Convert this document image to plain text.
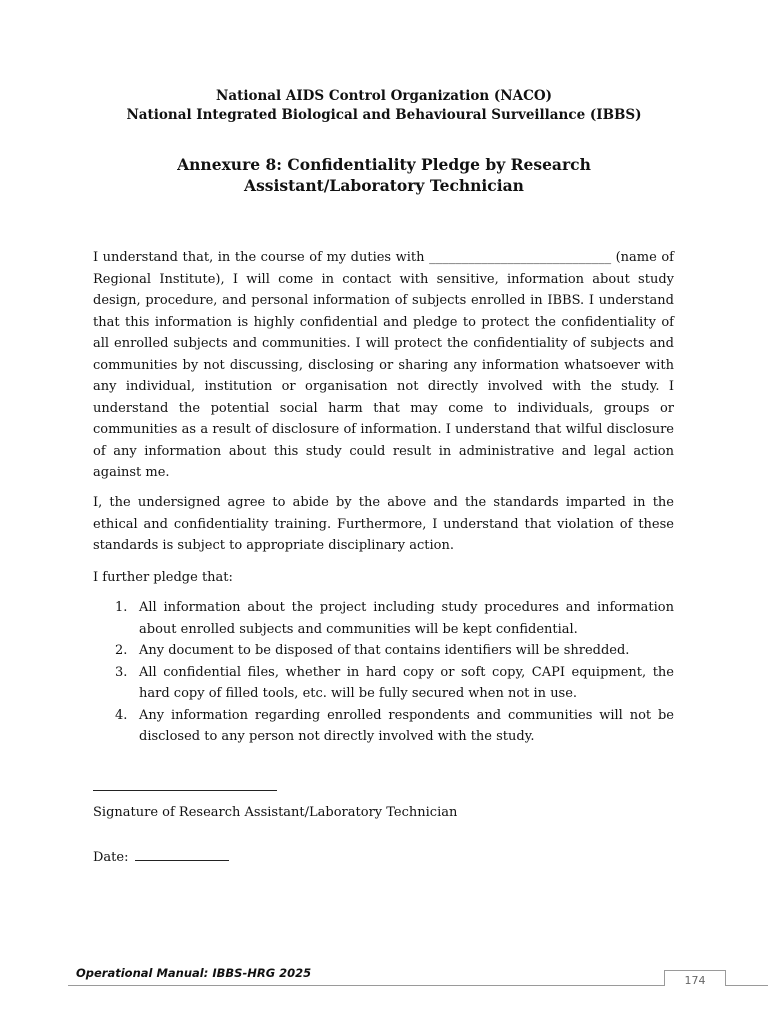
National AIDS Control Organization (NACO)
National Integrated Biological and Behavioural Surveillance (IBBS)
Annexure 8: Confidentiality Pledge by Research Assistant/Laboratory Technician
I understand that, in the course of my duties with ____________________________ (name of Regional Institute), I will come in contact with sensitive, information about study design, procedure, and personal information of subjects enrolled in IBBS. I understand that this information is highly confidential and pledge to protect the confidentiality of all enrolled subjects and communities. I will protect the confidentiality of subjects and communities by not discussing, disclosing or sharing any information whatsoever with any individual, institution or organisation not directly involved with the study. I understand the potential social harm that may come to individuals, groups or communities as a result of disclosure of information. I understand that wilful disclosure of any information about this study could result in administrative and legal action against me.
I, the undersigned agree to abide by the above and the standards imparted in the ethical and confidentiality training. Furthermore, I understand that violation of these standards is subject to appropriate disciplinary action.
I further pledge that:
1. All information about the project including study procedures and information about enrolled subjects and communities will be kept confidential.
2. Any document to be disposed of that contains identifiers will be shredded.
3. All confidential files, whether in hard copy or soft copy, CAPI equipment, the hard copy of filled tools, etc. will be fully secured when not in use.
4. Any information regarding enrolled respondents and communities will not be disclosed to any person not directly involved with the study.
Signature of Research Assistant/Laboratory Technician
Date:
Operational Manual: IBBS-HRG 2025
174
